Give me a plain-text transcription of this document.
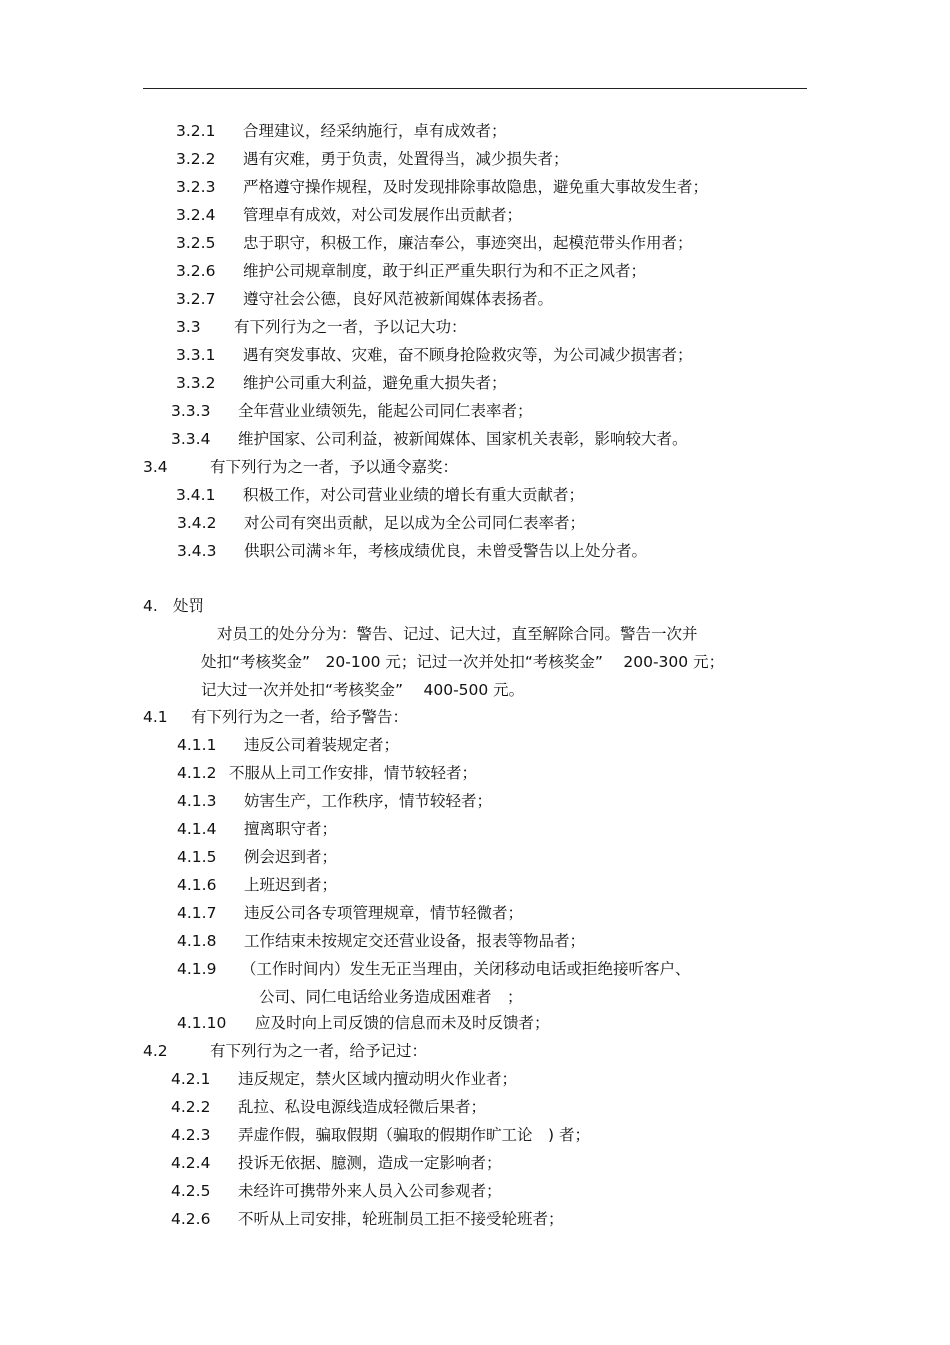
3.2.1 合理建议，经采纳施行，卓有成效者；
3.2.2 遇有灾难，勇于负责，处置得当，减少损失者；
3.2.3 严格遵守操作规程，及时发现排除事故隐患，避免重大事故发生者；
3.2.4 管理卓有成效，对公司发展作出贡献者；
3.2.5 忠于职守，积极工作，廉洁奉公，事迹突出，起模范带头作用者；
3.2.6 维护公司规章制度，敢于纠正严重失职行为和不正之风者；
3.2.7 遵守社会公德，良好风范被新闻媒体表扬者。
3.3 有下列行为之一者，予以记大功：
3.3.1 遇有突发事故、灾难，奋不顾身抢险救灾等，为公司减少损害者；
3.3.2 维护公司重大利益，避免重大损失者；
3.3.3 全年营业业绩领先，能起公司同仁表率者；
3.3.4 维护国家、公司利益，被新闻媒体、国家机关表彰，影响较大者。
3.4	有下列行为之一者，予以通令嘉奖：
3.4.1 积极工作，对公司营业业绩的增长有重大贡献者；
3.4.2 对公司有突出贡献，足以成为全公司同仁表率者；
3.4.3 供职公司满＊年，考核成绩优良，未曾受警告以上处分者。
4. 处罚
对员工的处分分为：警告、记过、记大过，直至解除合同。警告一次并
处扣“考核奖金”　20-100 元；记过一次并处扣“考核奖金”　 200-300 元；
记大过一次并处扣“考核奖金”　 400-500 元。
4.1 有下列行为之一者，给予警告：
4.1.1 违反公司着装规定者；
4.1.2 不服从上司工作安排，情节较轻者；
4.1.3 妨害生产，工作秩序，情节较轻者；
4.1.4 擅离职守者；
4.1.5 例会迟到者；
4.1.6 上班迟到者；
4.1.7 违反公司各专项管理规章，情节轻微者；
4.1.8 工作结束未按规定交还营业设备，报表等物品者；
4.1.9 （工作时间内）发生无正当理由，关闭移动电话或拒绝接听客户、
公司、同仁电话给业务造成困难者　；
4.1.10 应及时向上司反馈的信息而未及时反馈者；
4.2	有下列行为之一者，给予记过：
4.2.1 违反规定，禁火区域内擅动明火作业者；
4.2.2 乱拉、私设电源线造成轻微后果者；
4.2.3 弄虚作假，骗取假期（骗取的假期作旷工论　) 者；
4.2.4 投诉无依据、臆测，造成一定影响者；
4.2.5 未经许可携带外来人员入公司参观者；
4.2.6 不听从上司安排，轮班制员工拒不接受轮班者；
